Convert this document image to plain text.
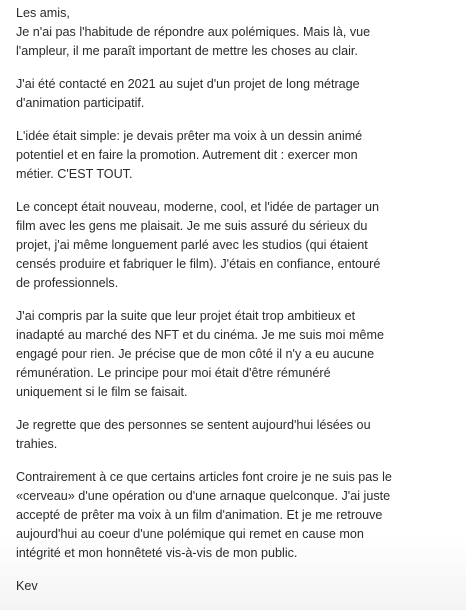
Les amis,
Je n'ai pas l'habitude de répondre aux polémiques. Mais là, vue
l'ampleur, il me paraît important de mettre les choses au clair.

J'ai été contacté en 2021 au sujet d'un projet de long métrage
d'animation participatif.

L'idée était simple: je devais prêter ma voix à un dessin animé
potentiel et en faire la promotion. Autrement dit : exercer mon
métier. C'EST TOUT.

Le concept était nouveau, moderne, cool, et l'idée de partager un
film avec les gens me plaisait. Je me suis assuré du sérieux du
projet, j'ai même longuement parlé avec les studios (qui étaient
censés produire et fabriquer le film). J'étais en confiance, entouré
de professionnels.

J'ai compris par la suite que leur projet était trop ambitieux et
inadapté au marché des NFT et du cinéma. Je me suis moi même
engagé pour rien. Je précise que de mon côté il n'y a eu aucune
rémunération. Le principe pour moi était d'être rémunéré
uniquement si le film se faisait.

Je regrette que des personnes se sentent aujourd'hui lésées ou
trahies.

Contrairement à ce que certains articles font croire je ne suis pas le
«cerveau» d'une opération ou d'une arnaque quelconque. J'ai juste
accepté de prêter ma voix à un film d'animation. Et je me retrouve
aujourd'hui au coeur d'une polémique qui remet en cause mon
intégrité et mon honnêteté vis-à-vis de mon public.

Kev
